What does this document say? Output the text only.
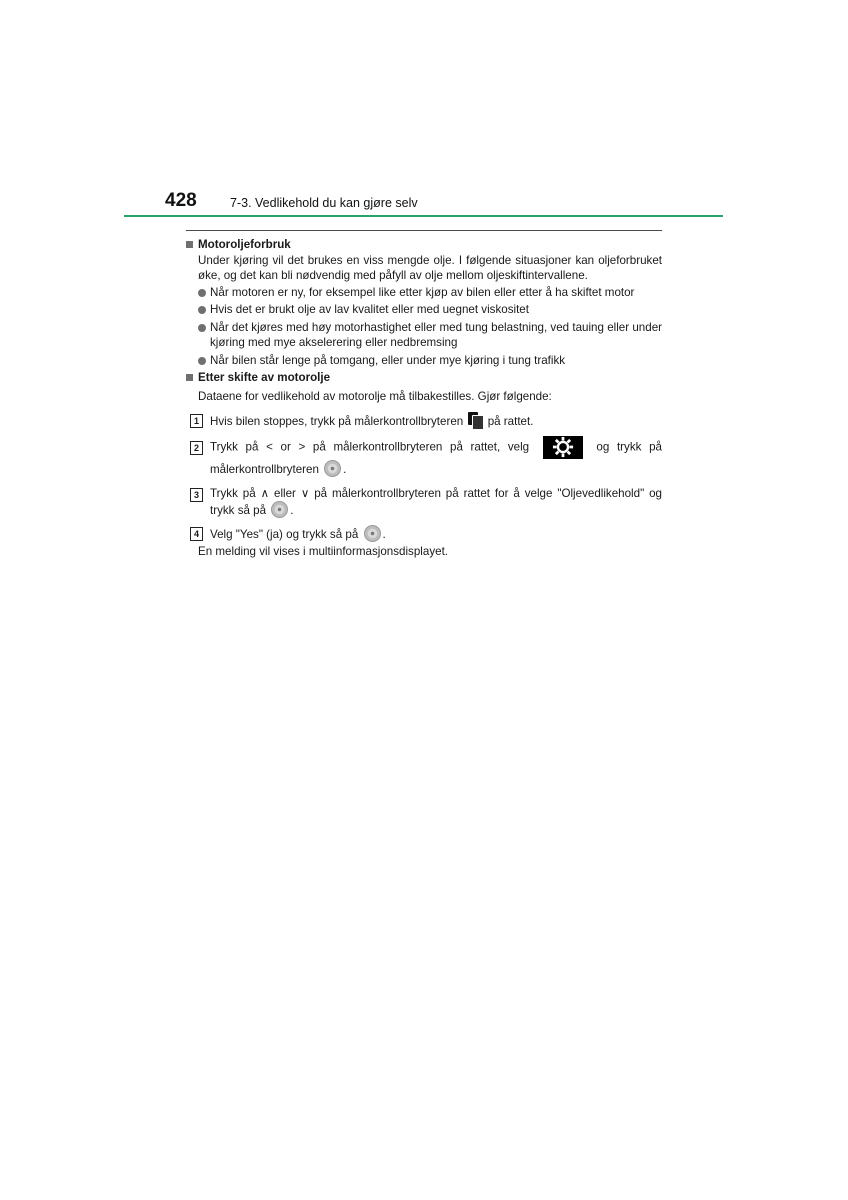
428	7-3. Vedlikehold du kan gjøre selv
Motoroljeforbruk
Under kjøring vil det brukes en viss mengde olje. I følgende situasjoner kan oljeforbruket øke, og det kan bli nødvendig med påfyll av olje mellom oljeskiftintervallene.
Når motoren er ny, for eksempel like etter kjøp av bilen eller etter å ha skiftet motor
Hvis det er brukt olje av lav kvalitet eller med uegnet viskositet
Når det kjøres med høy motorhastighet eller med tung belastning, ved tauing eller under kjøring med mye akselerering eller nedbremsing
Når bilen står lenge på tomgang, eller under mye kjøring i tung trafikk
Etter skifte av motorolje
Dataene for vedlikehold av motorolje må tilbakestilles. Gjør følgende:
1 Hvis bilen stoppes, trykk på målerkontrollbryteren  på rattet.
2 Trykk på < or > på målerkontrollbryteren på rattet, velg	og trykk på målerkontrollbryteren .
3 Trykk på ∧ eller ∨ på målerkontrollbryteren på rattet for å velge "Oljevedlikehold" og trykk så på .
4 Velg "Yes" (ja) og trykk så på .
En melding vil vises i multiinformasjonsdisplayet.
